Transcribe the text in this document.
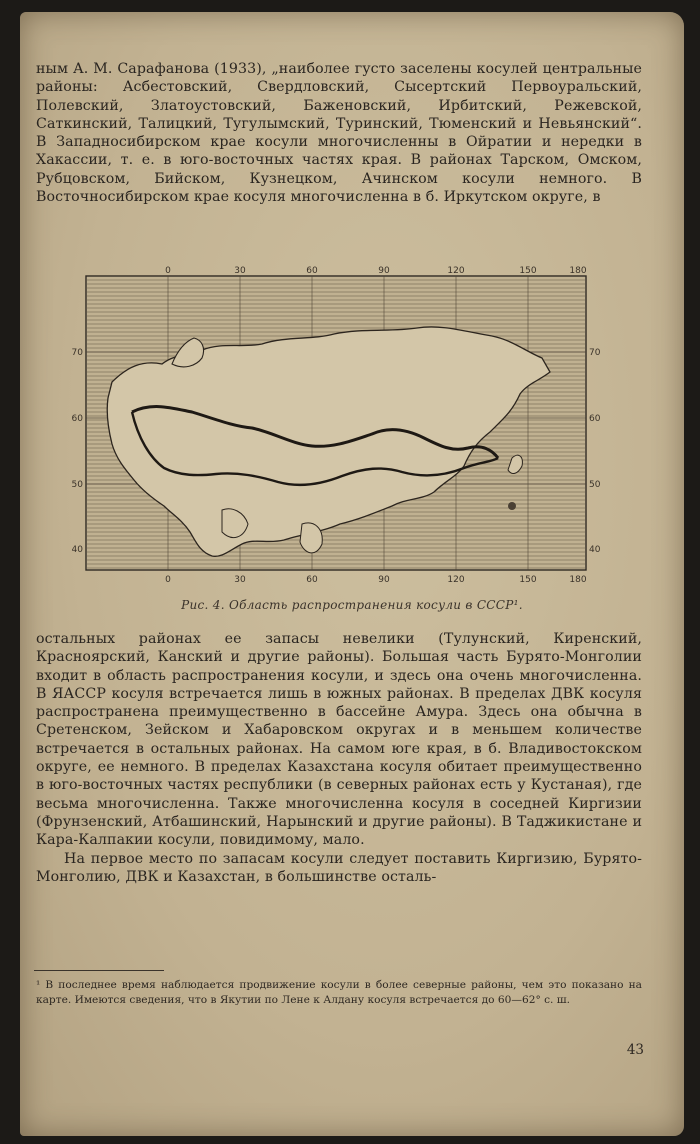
ным А. М. Сарафанова (1933), „наиболее густо заселены косулей центральные районы: Асбестовский, Свердловский, Сысертский Первоуральский, Полевский, Златоустовский, Баженовский, Ирбитский, Режевской, Саткинский, Талицкий, Тугулымский, Туринский, Тюменский и Невьянский“. В Западносибирском крае косули многочисленны в Ойратии и нередки в Хакассии, т. е. в юго-восточных частях края. В районах Тарском, Омском, Рубцовском, Бийском, Кузнецком, Ачинском косули немного. В Восточносибирском крае косуля многочисленна в б. Иркутском округе, в

0	30	60	90	120	150	180
0	30	60	90	120	150	180
70
60
50
40
70
60
50
40
Рис. 4. Область распространения косули в СССР¹.

остальных районах ее запасы невелики (Тулунский, Киренский, Красноярский, Канский и другие районы). Большая часть Бурято-Монголии входит в область распространения косули, и здесь она очень многочисленна. В ЯАССР косуля встречается лишь в южных районах. В пределах ДВК косуля распространена преимущественно в бассейне Амура. Здесь она обычна в Сретенском, Зейском и Хабаровском округах и в меньшем количестве встречается в остальных районах. На самом юге края, в б. Владивостокском округе, ее немного. В пределах Казахстана косуля обитает преимущественно в юго-восточных частях республики (в северных районах есть у Кустаная), где весьма многочисленна. Также многочисленна косуля в соседней Киргизии (Фрунзенский, Атбашинский, Нарынский и другие районы). В Таджикистане и Кара-Калпакии косули, повидимому, мало.

На первое место по запасам косули следует поставить Киргизию, Бурято-Монголию, ДВК и Казахстан, в большинстве осталь-

¹ В последнее время наблюдается продвижение косули в более северные районы, чем это показано на карте. Имеются сведения, что в Якутии по Лене к Алдану косуля встречается до 60—62° с. ш.
43
